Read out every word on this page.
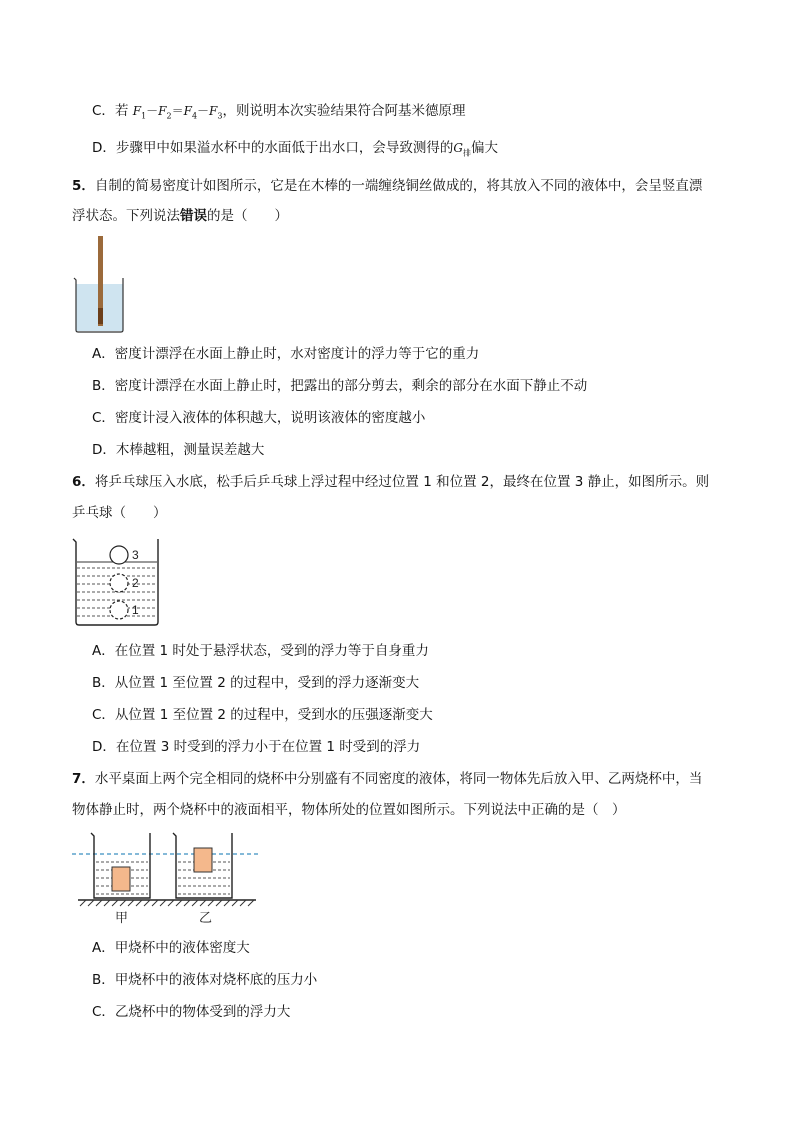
C．若 $F_1-F_2=F_4-F_3$，则说明本次实验结果符合阿基米德原理
D．步骤甲中如果溢水杯中的水面低于出水口，会导致测得的$G_排$偏大
5．自制的简易密度计如图所示，它是在木棒的一端缠绕铜丝做成的，将其放入不同的液体中，会呈竖直漂
浮状态。下列说法错误的是（　　）
A．密度计漂浮在水面上静止时，水对密度计的浮力等于它的重力
B．密度计漂浮在水面上静止时，把露出的部分剪去，剩余的部分在水面下静止不动
C．密度计浸入液体的体积越大，说明该液体的密度越小
D．木棒越粗，测量误差越大
6．将乒乓球压入水底，松手后乒乓球上浮过程中经过位置 1 和位置 2，最终在位置 3 静止，如图所示。则
乒乓球（　　）
3
2
1
A．在位置 1 时处于悬浮状态，受到的浮力等于自身重力
B．从位置 1 至位置 2 的过程中，受到的浮力逐渐变大
C．从位置 1 至位置 2 的过程中，受到水的压强逐渐变大
D．在位置 3 时受到的浮力小于在位置 1 时受到的浮力
7．水平桌面上两个完全相同的烧杯中分别盛有不同密度的液体，将同一物体先后放入甲、乙两烧杯中，当
物体静止时，两个烧杯中的液面相平，物体所处的位置如图所示。下列说法中正确的是（　）
甲	乙
A．甲烧杯中的液体密度大
B．甲烧杯中的液体对烧杯底的压力小
C．乙烧杯中的物体受到的浮力大
